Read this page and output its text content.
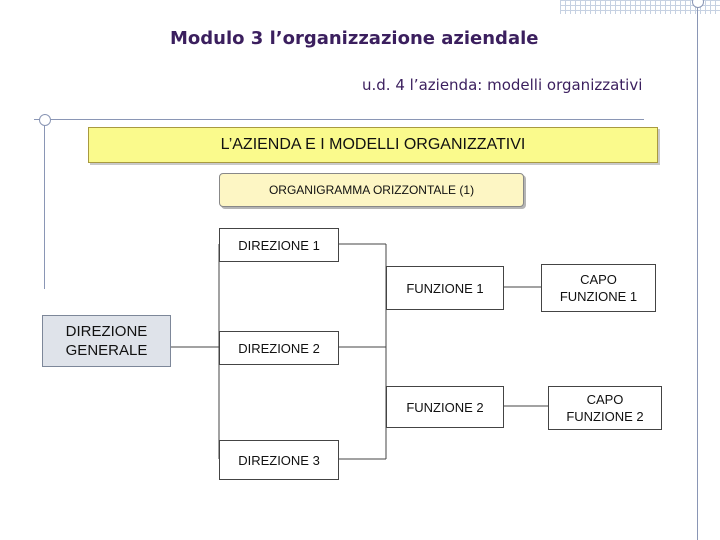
Modulo 3 l’organizzazione aziendale
u.d. 4 l’azienda: modelli organizzativi
L’AZIENDA E I MODELLI ORGANIZZATIVI
ORGANIGRAMMA ORIZZONTALE (1)
DIREZIONE
GENERALE
DIREZIONE 1
DIREZIONE 2
DIREZIONE 3
FUNZIONE 1
FUNZIONE 2
CAPO
FUNZIONE 1
CAPO
FUNZIONE 2
